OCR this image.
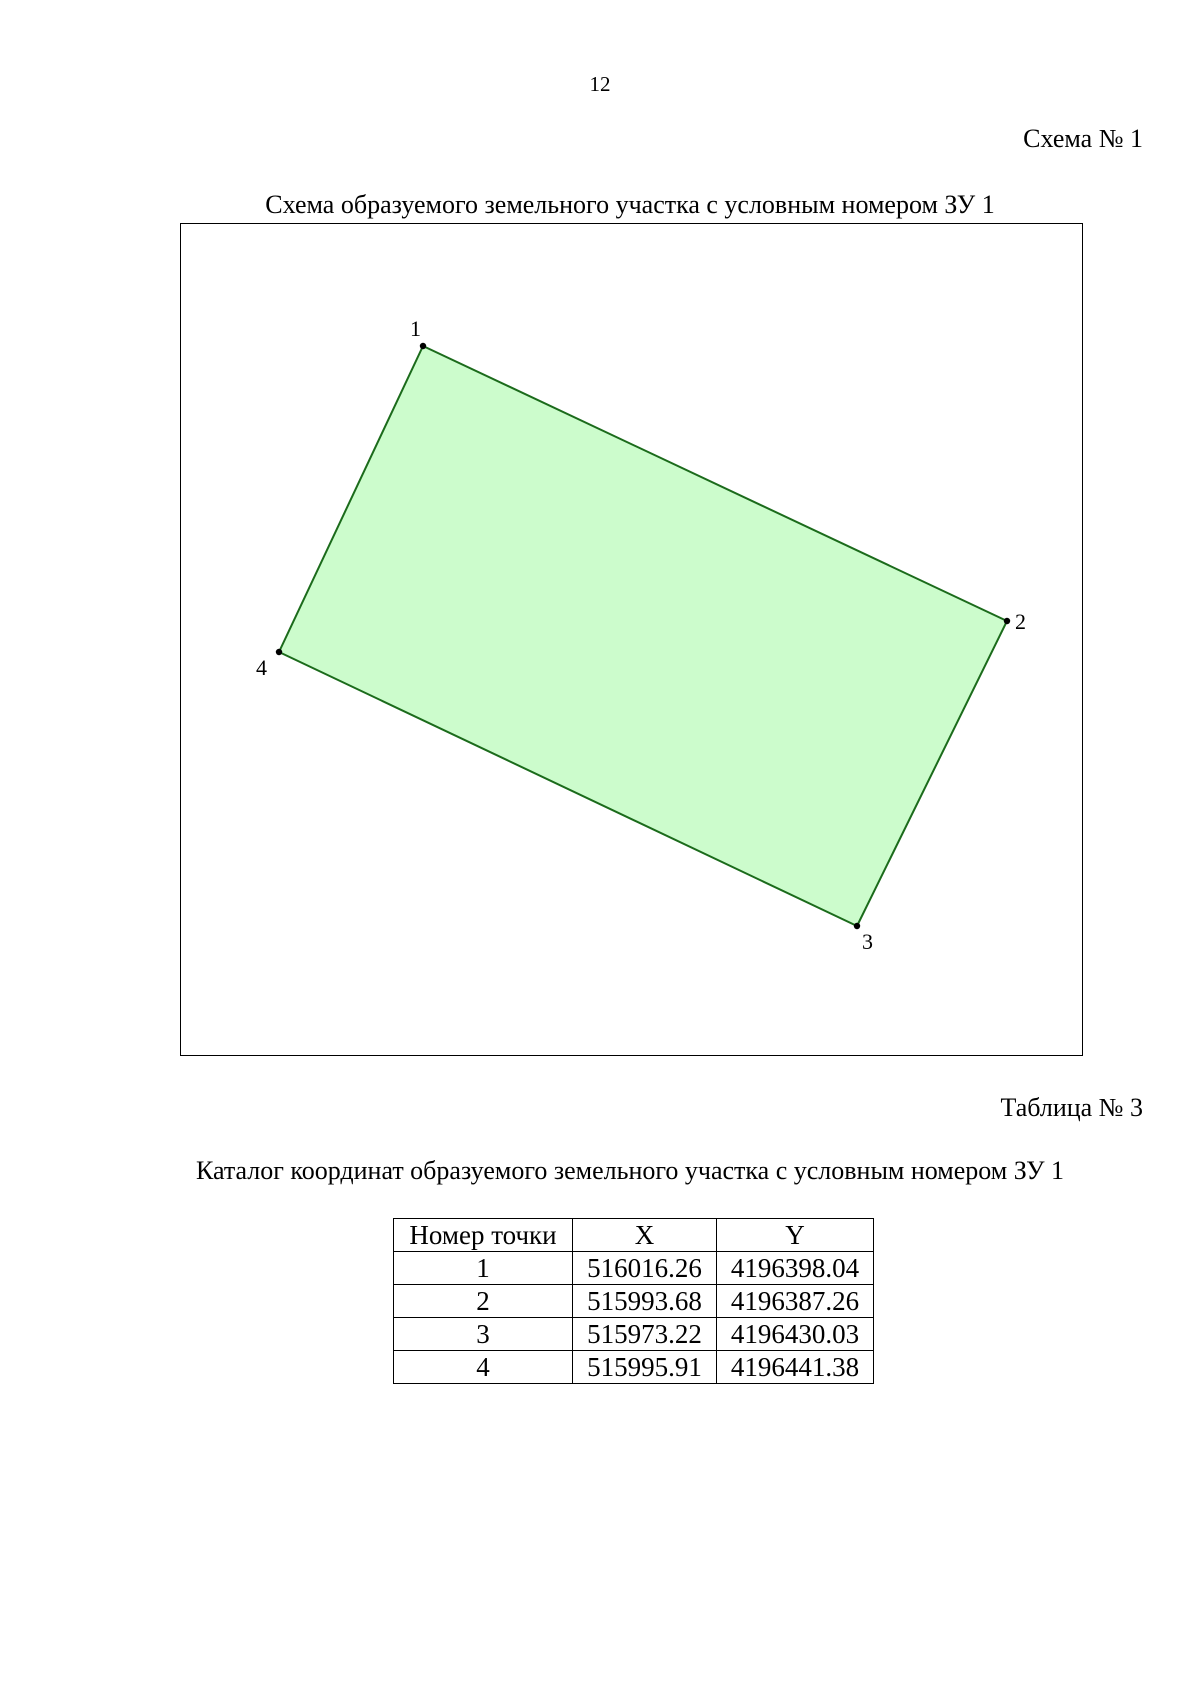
12
Схема № 1
Схема образуемого земельного участка с условным номером ЗУ 1
1
2
3
4
Таблица № 3
Каталог координат образуемого земельного участка с условным номером ЗУ 1
Номер точки	X	Y
1	516016.26	4196398.04
2	515993.68	4196387.26
3	515973.22	4196430.03
4	515995.91	4196441.38
